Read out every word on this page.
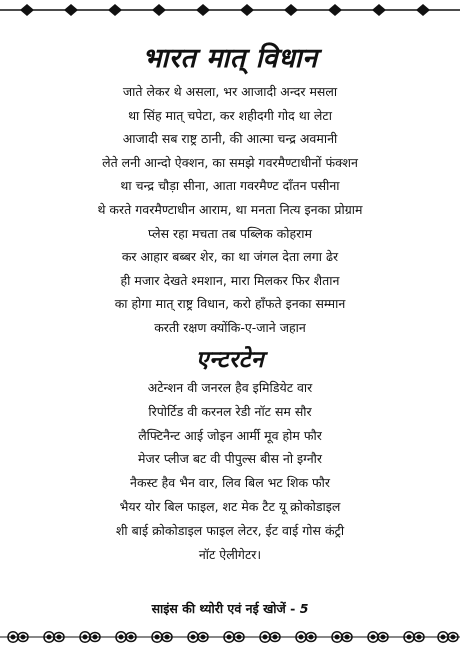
भारत मात् विधान
जाते लेकर थे असला, भर आजादी अन्दर मसला
था सिंह मात् चपेटा, कर शहीदगी गोद था लेटा
आजादी सब राष्ट्र ठानी, की आत्मा चन्द्र अवमानी
लेते लनी आन्दो ऐक्शन, का समझे गवरमैण्टाधीनों फंक्शन
था चन्द्र चौड़ा सीना, आता गवरमैण्ट दाँतन पसीना
थे करते गवरमैण्टाधीन आराम, था मनता नित्य इनका प्रोग्राम
प्लेस रहा मचता तब पब्लिक कोहराम
कर आहार बब्बर शेर, का था जंगल देता लगा ढेर
ही मजार देखते श्मशान, मारा मिलकर फिर शैतान
का होगा मात् राष्ट्र विधान, करो हाँफते इनका सम्मान
करती रक्षण क्योंकि-ए-जाने जहान
एन्टरटेन
अटेन्शन वी जनरल हैव इमिडियेट वार
रिपोर्टिड वी करनल रेडी नॉट सम सौर
लैफ्टिनैन्ट आई जोइन आर्मी मूव होम फौर
मेजर प्लीज बट वी पीपुल्स बीस नो इग्नौर
नैकस्ट हैव भैन वार, लिव बिल भट शिक फौर
भैयर योर बिल फाइल, शट मेक टैट यू क्रोकोडाइल
शी बाई क्रोकोडाइल फाइल लेटर, ईट वाई गोस कंट्री
नॉट ऐलीगेटर।
साइंस की थ्योरी एवं नई खोजें - 5
